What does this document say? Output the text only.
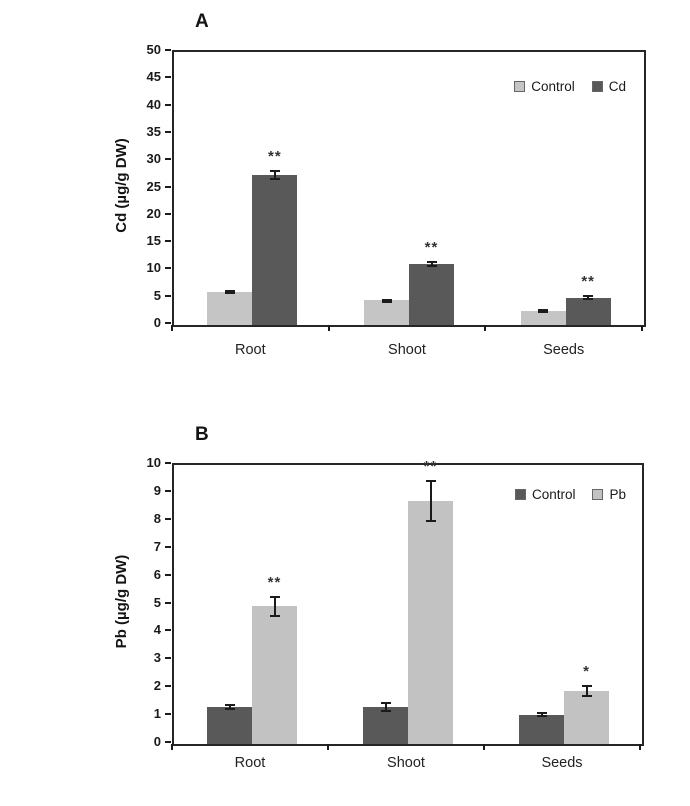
A
Cd (µg/g DW)	**
**
**
Control	Cd
0
5
10
15
20
25
30
35
40
45
50
Root	Shoot	Seeds
B
Pb (µg/g DW)	**
**
*
Control	Pb
0
1
2
3
4
5
6
7
8
9
10
Root	Shoot	Seeds
